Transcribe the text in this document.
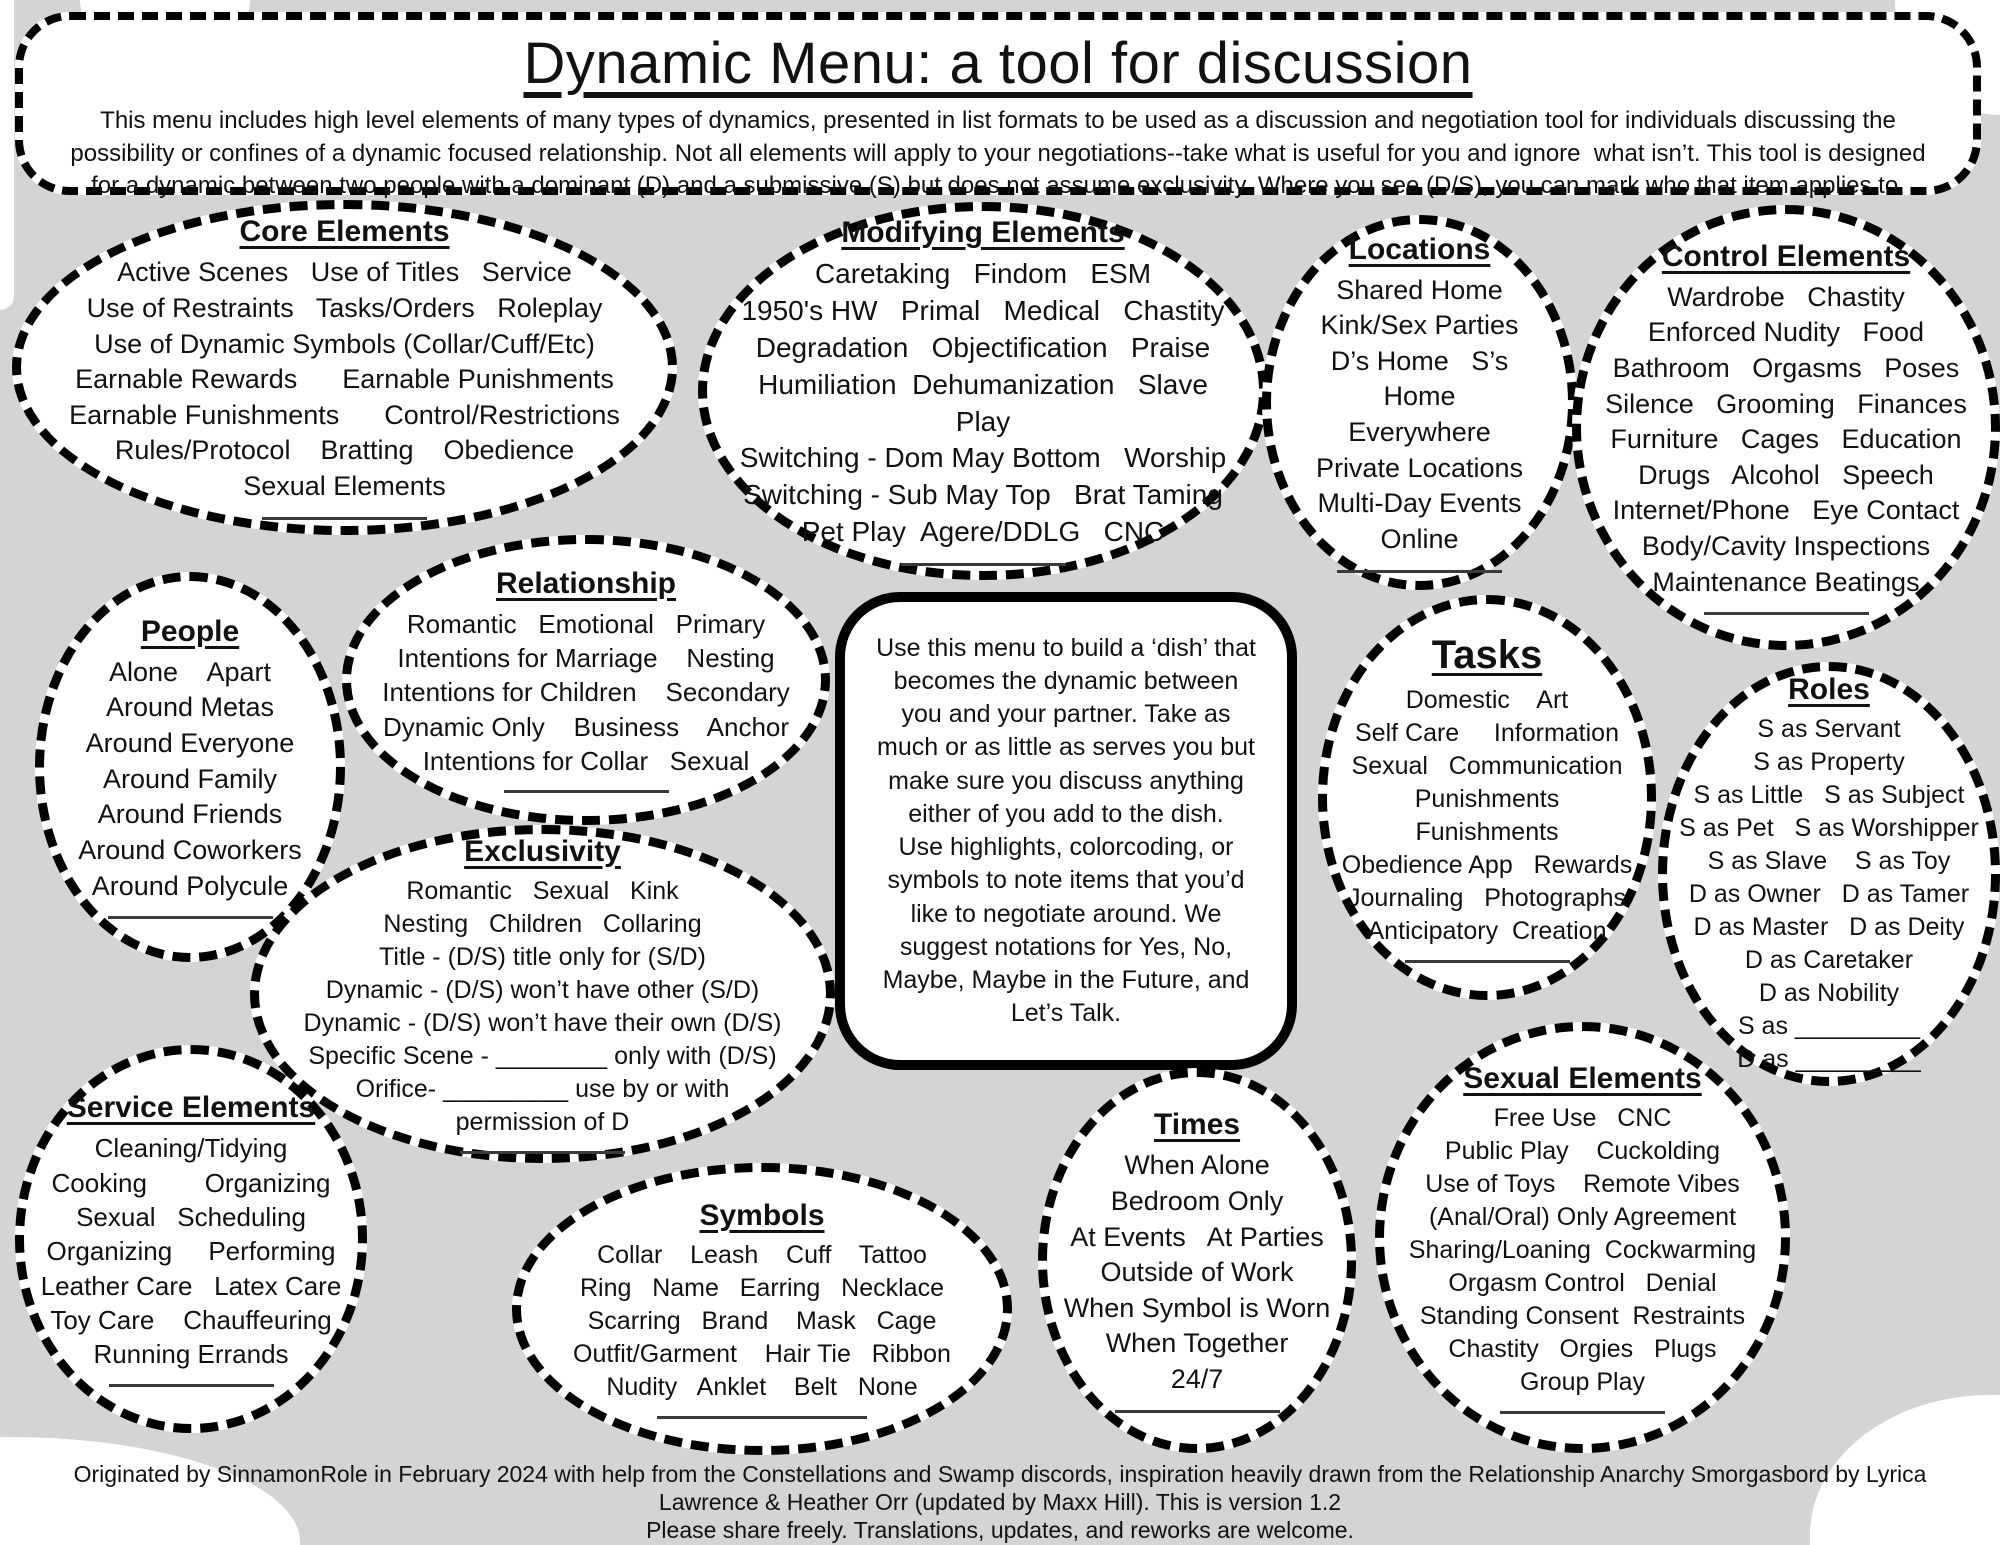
Dynamic Menu: a tool for discussion
This menu includes high level elements of many types of dynamics, presented in list formats to be used as a discussion and negotiation tool for individuals discussing the possibility or confines of a dynamic focused relationship. Not all elements will apply to your negotiations--take what is useful for you and ignore  what isn’t. This tool is designed for a dynamic between two people with a dominant (D) and a submissive (S) but does not assume exclusivity. Where you see (D/S), you can mark who that item applies to.
Core Elements
Active Scenes   Use of Titles   Service
Use of Restraints   Tasks/Orders   Roleplay
Use of Dynamic Symbols (Collar/Cuff/Etc)
Earnable Rewards      Earnable Punishments
Earnable Funishments      Control/Restrictions
Rules/Protocol    Bratting    Obedience
Sexual Elements
Modifying Elements
Caretaking   Findom   ESM
1950's HW   Primal   Medical   Chastity
Degradation   Objectification   Praise
Humiliation  Dehumanization   Slave Play
Switching - Dom May Bottom   Worship
Switching - Sub May Top   Brat Taming
Pet Play  Agere/DDLG   CNC
Locations
Shared Home
Kink/Sex Parties
D’s Home   S’s Home
Everywhere
Private Locations
Multi-Day Events
Online
Control Elements
Wardrobe   Chastity
Enforced Nudity   Food
Bathroom   Orgasms   Poses
Silence   Grooming   Finances
Furniture   Cages   Education
Drugs   Alcohol   Speech
Internet/Phone   Eye Contact
Body/Cavity Inspections
Maintenance Beatings
People
Alone    Apart
Around Metas
Around Everyone
Around Family
Around Friends
Around Coworkers
Around Polycule
Relationship
Romantic   Emotional   Primary
Intentions for Marriage    Nesting
Intentions for Children    Secondary
Dynamic Only    Business    Anchor
Intentions for Collar   Sexual

Use this menu to build a ‘dish’ that becomes the dynamic between you and your partner. Take as much or as little as serves you but make sure you discuss anything either of you add to the dish.

Use highlights, colorcoding, or symbols to note items that you’d like to negotiate around. We suggest notations for Yes, No, Maybe, Maybe in the Future, and Let’s Talk.

Tasks
Domestic    Art
Self Care     Information
Sexual   Communication
Punishments  Funishments
Obedience App   Rewards
Journaling   Photographs
Anticipatory  Creation
Roles
S as Servant
S as Property
S as Little   S as Subject
S as Pet   S as Worshipper
S as Slave    S as Toy
D as Owner   D as Tamer
D as Master   D as Deity
D as Caretaker
D as Nobility
S as _________
D as _________
Exclusivity
Romantic   Sexual   Kink
Nesting   Children   Collaring
Title - (D/S) title only for (S/D)
Dynamic - (D/S) won’t have other (S/D)
Dynamic - (D/S) won’t have their own (D/S)
Specific Scene - ________ only with (D/S)
Orifice- _________ use by or with
permission of D
Service Elements
Cleaning/Tidying
Cooking        Organizing
Sexual   Scheduling
Organizing     Performing
Leather Care   Latex Care
Toy Care    Chauffeuring
Running Errands
Symbols
Collar    Leash    Cuff    Tattoo
Ring   Name   Earring   Necklace
Scarring   Brand    Mask   Cage
Outfit/Garment    Hair Tie   Ribbon
Nudity   Anklet    Belt   None
Times
When Alone
Bedroom Only
At Events   At Parties
Outside of Work
When Symbol is Worn
When Together
24/7
Sexual Elements
Free Use   CNC
Public Play    Cuckolding
Use of Toys    Remote Vibes
(Anal/Oral) Only Agreement
Sharing/Loaning  Cockwarming
Orgasm Control   Denial
Standing Consent  Restraints
Chastity   Orgies   Plugs
Group Play
Originated by SinnamonRole in February 2024 with help from the Constellations and Swamp discords, inspiration heavily drawn from the Relationship Anarchy Smorgasbord by Lyrica
Lawrence & Heather Orr (updated by Maxx Hill). This is version 1.2
Please share freely. Translations, updates, and reworks are welcome.
